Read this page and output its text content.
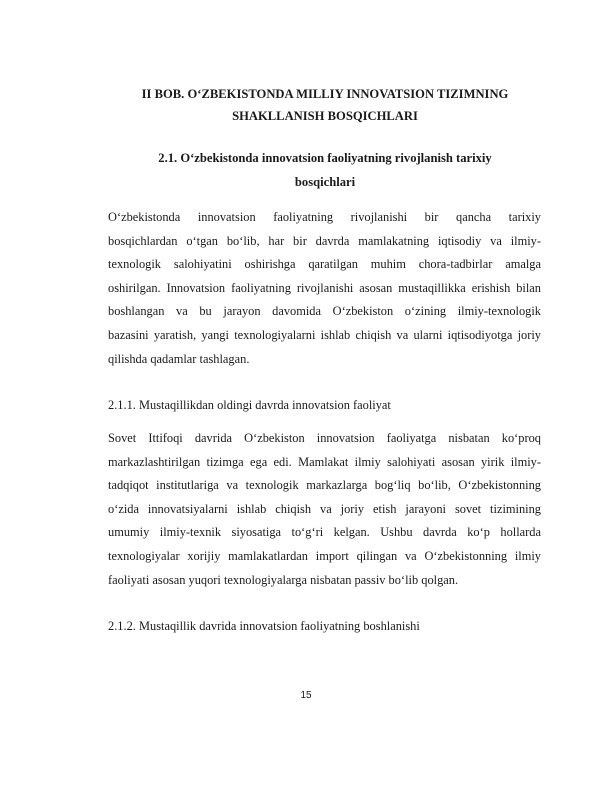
II BOB. O‘ZBEKISTONDA MILLIY INNOVATSION TIZIMNING
SHAKLLANISH BOSQICHLARI
2.1. O‘zbekistonda innovatsion faoliyatning rivojlanish tarixiy
bosqichlari

O‘zbekistonda innovatsion faoliyatning rivojlanishi bir qancha tarixiy
bosqichlardan o‘tgan bo‘lib, har bir davrda mamlakatning iqtisodiy va ilmiy-
texnologik salohiyatini oshirishga qaratilgan muhim chora-tadbirlar amalga
oshirilgan. Innovatsion faoliyatning rivojlanishi asosan mustaqillikka erishish bilan
boshlangan va bu jarayon davomida O‘zbekiston o‘zining ilmiy-texnologik
bazasini yaratish, yangi texnologiyalarni ishlab chiqish va ularni iqtisodiyotga joriy
qilishda qadamlar tashlagan.

2.1.1. Mustaqillikdan oldingi davrda innovatsion faoliyat

Sovet Ittifoqi davrida O‘zbekiston innovatsion faoliyatga nisbatan ko‘proq
markazlashtirilgan tizimga ega edi. Mamlakat ilmiy salohiyati asosan yirik ilmiy-
tadqiqot institutlariga va texnologik markazlarga bog‘liq bo‘lib, O‘zbekistonning
o‘zida innovatsiyalarni ishlab chiqish va joriy etish jarayoni sovet tizimining
umumiy ilmiy-texnik siyosatiga to‘g‘ri kelgan. Ushbu davrda ko‘p hollarda
texnologiyalar xorijiy mamlakatlardan import qilingan va O‘zbekistonning ilmiy
faoliyati asosan yuqori texnologiyalarga nisbatan passiv bo‘lib qolgan.

2.1.2. Mustaqillik davrida innovatsion faoliyatning boshlanishi

15
